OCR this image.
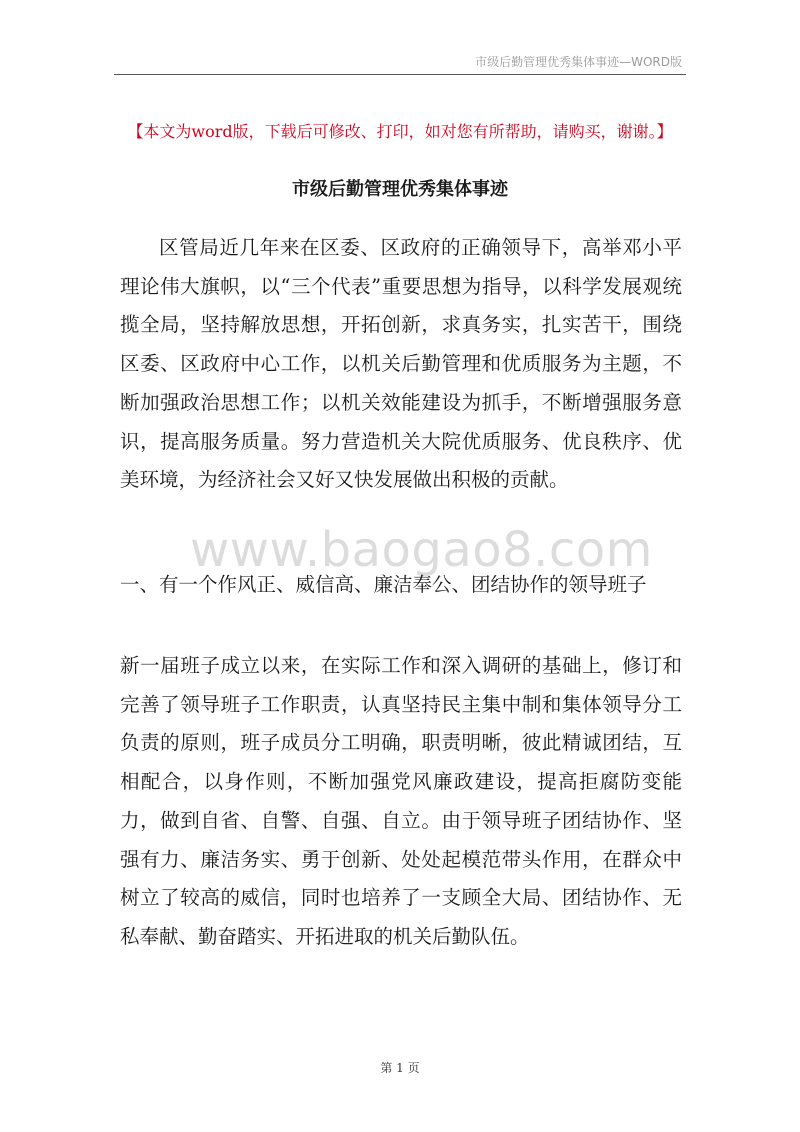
市级后勤管理优秀集体事迹—WORD版
【本文为word版，下载后可修改、打印，如对您有所帮助，请购买，谢谢。】
市级后勤管理优秀集体事迹

区管局近几年来在区委、区政府的正确领导下，高举邓小平理论伟大旗帜，以“三个代表”重要思想为指导，以科学发展观统揽全局，坚持解放思想，开拓创新，求真务实，扎实苦干，围绕区委、区政府中心工作，以机关后勤管理和优质服务为主题，不断加强政治思想工作；以机关效能建设为抓手，不断增强服务意识，提高服务质量。努力营造机关大院优质服务、优良秩序、优美环境，为经济社会又好又快发展做出积极的贡献。

www.baogao8.com

一、有一个作风正、威信高、廉洁奉公、团结协作的领导班子

新一届班子成立以来，在实际工作和深入调研的基础上，修订和完善了领导班子工作职责，认真坚持民主集中制和集体领导分工负责的原则，班子成员分工明确，职责明晰，彼此精诚团结，互相配合，以身作则，不断加强党风廉政建设，提高拒腐防变能力，做到自省、自警、自强、自立。由于领导班子团结协作、坚强有力、廉洁务实、勇于创新、处处起模范带头作用，在群众中树立了较高的威信，同时也培养了一支顾全大局、团结协作、无私奉献、勤奋踏实、开拓进取的机关后勤队伍。

第 1 页
